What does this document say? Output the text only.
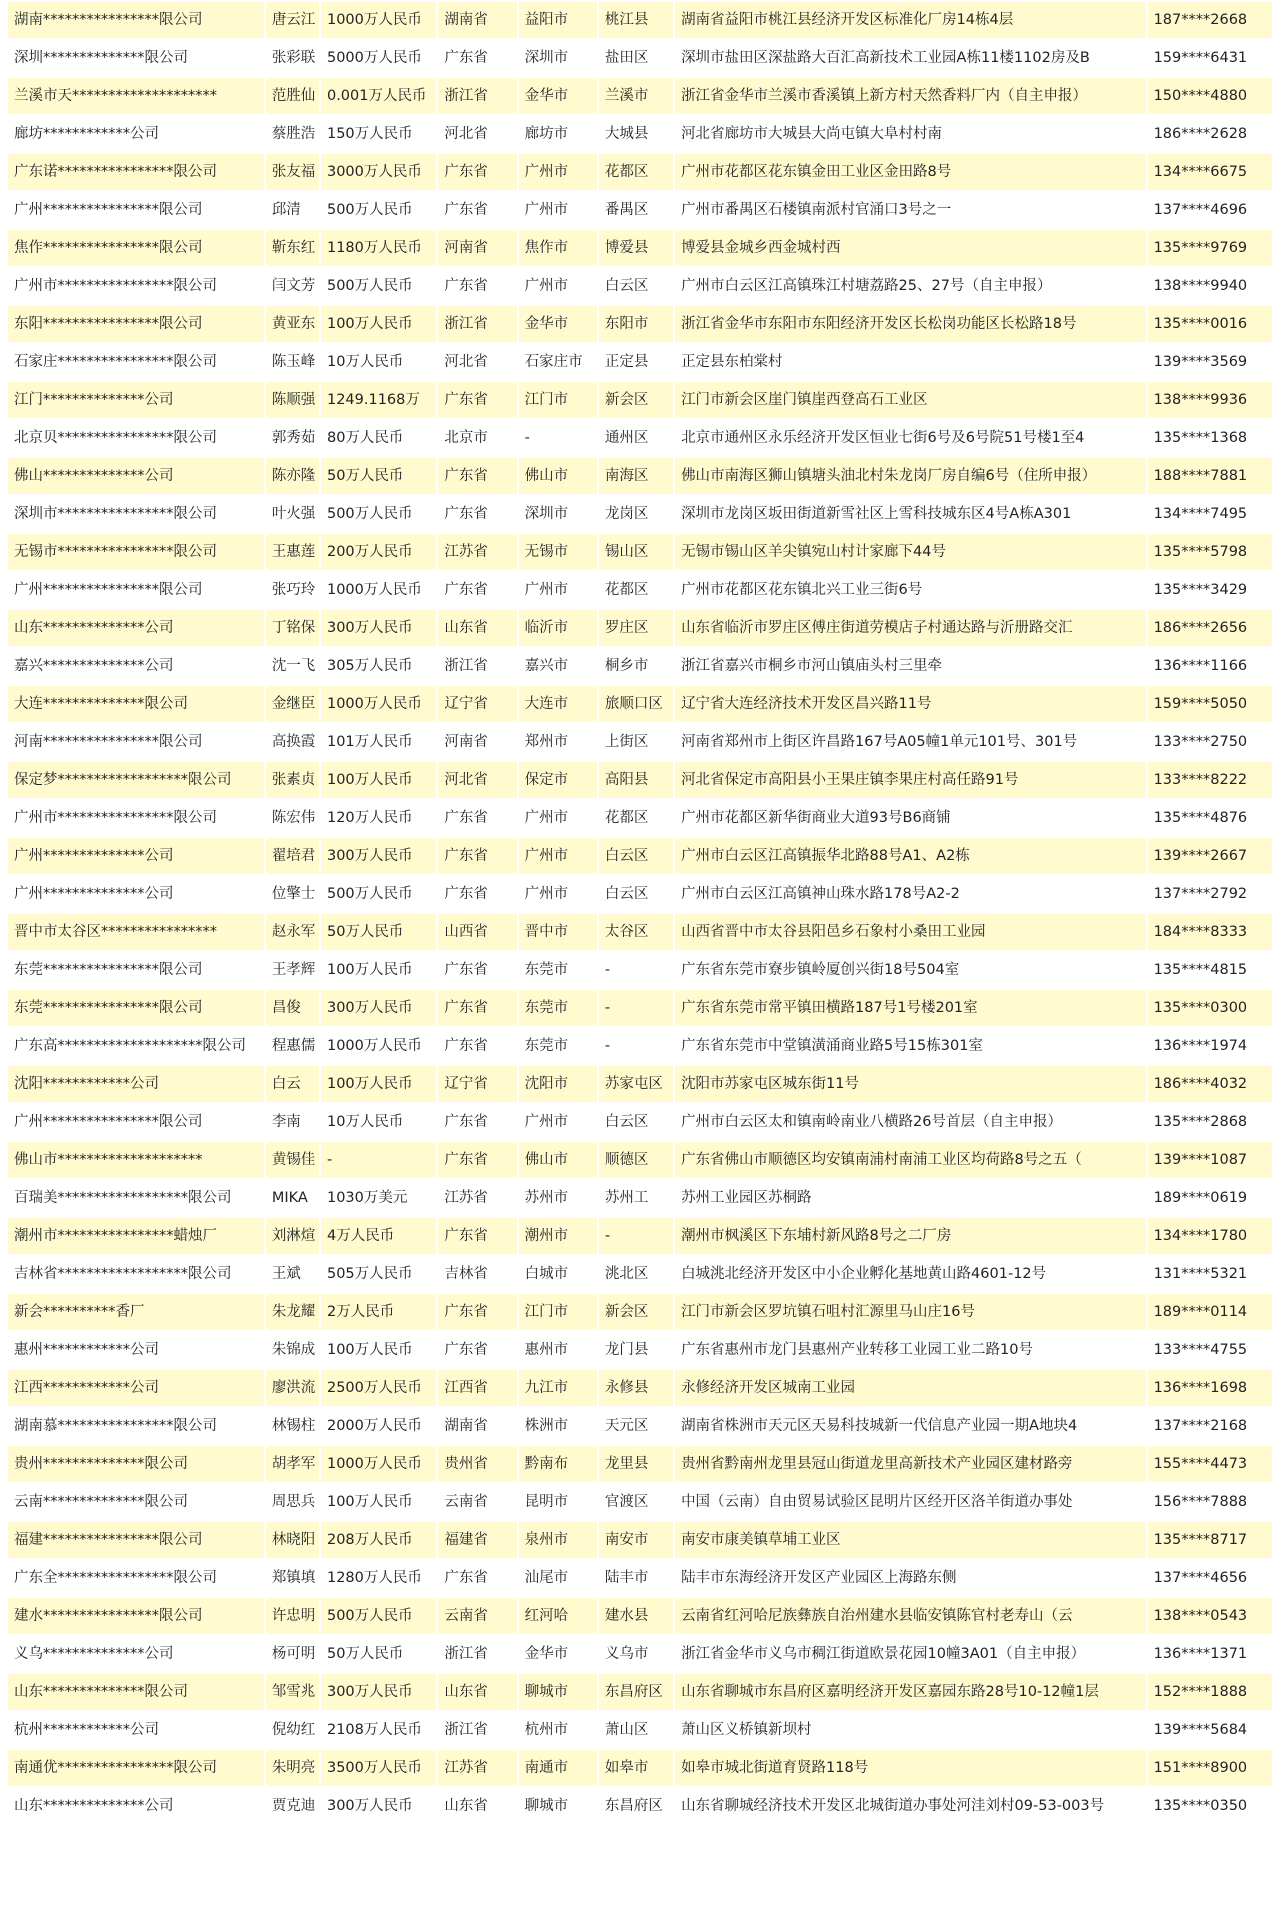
湖南****************限公司	唐云江	1000万人民币	湖南省	益阳市	桃江县	湖南省益阳市桃江县经济开发区标准化厂房14栋4层	187****2668
深圳**************限公司	张彩联	5000万人民币	广东省	深圳市	盐田区	深圳市盐田区深盐路大百汇高新技术工业园A栋11楼1102房及B	159****6431
兰溪市天********************	范胜仙	0.001万人民币	浙江省	金华市	兰溪市	浙江省金华市兰溪市香溪镇上新方村天然香料厂内（自主申报）	150****4880
廊坊************公司	蔡胜浩	150万人民币	河北省	廊坊市	大城县	河北省廊坊市大城县大尚屯镇大阜村村南	186****2628
广东诺****************限公司	张友福	3000万人民币	广东省	广州市	花都区	广州市花都区花东镇金田工业区金田路8号	134****6675
广州****************限公司	邱清	500万人民币	广东省	广州市	番禺区	广州市番禺区石楼镇南派村官涌口3号之一	137****4696
焦作****************限公司	靳东红	1180万人民币	河南省	焦作市	博爱县	博爱县金城乡西金城村西	135****9769
广州市****************限公司	闫文芳	500万人民币	广东省	广州市	白云区	广州市白云区江高镇珠江村塘荔路25、27号（自主申报）	138****9940
东阳****************限公司	黄亚东	100万人民币	浙江省	金华市	东阳市	浙江省金华市东阳市东阳经济开发区长松岗功能区长松路18号	135****0016
石家庄****************限公司	陈玉峰	10万人民币	河北省	石家庄市	正定县	正定县东柏棠村	139****3569
江门**************公司	陈顺强	1249.1168万	广东省	江门市	新会区	江门市新会区崖门镇崖西登高石工业区	138****9936
北京贝****************限公司	郭秀茹	80万人民币	北京市	-	通州区	北京市通州区永乐经济开发区恒业七街6号及6号院51号楼1至4	135****1368
佛山**************公司	陈亦隆	50万人民币	广东省	佛山市	南海区	佛山市南海区狮山镇塘头油北村朱龙岗厂房自编6号（住所申报）	188****7881
深圳市****************限公司	叶火强	500万人民币	广东省	深圳市	龙岗区	深圳市龙岗区坂田街道新雪社区上雪科技城东区4号A栋A301	134****7495
无锡市****************限公司	王惠莲	200万人民币	江苏省	无锡市	锡山区	无锡市锡山区羊尖镇宛山村计家廊下44号	135****5798
广州****************限公司	张巧玲	1000万人民币	广东省	广州市	花都区	广州市花都区花东镇北兴工业三街6号	135****3429
山东**************公司	丁铭保	300万人民币	山东省	临沂市	罗庄区	山东省临沂市罗庄区傅庄街道劳模店子村通达路与沂册路交汇	186****2656
嘉兴**************公司	沈一飞	305万人民币	浙江省	嘉兴市	桐乡市	浙江省嘉兴市桐乡市河山镇庙头村三里牵	136****1166
大连**************限公司	金继臣	1000万人民币	辽宁省	大连市	旅顺口区	辽宁省大连经济技术开发区昌兴路11号	159****5050
河南****************限公司	高换霞	101万人民币	河南省	郑州市	上街区	河南省郑州市上街区许昌路167号A05幢1单元101号、301号	133****2750
保定梦******************限公司	张素贞	100万人民币	河北省	保定市	高阳县	河北省保定市高阳县小王果庄镇李果庄村高任路91号	133****8222
广州市****************限公司	陈宏伟	120万人民币	广东省	广州市	花都区	广州市花都区新华街商业大道93号B6商铺	135****4876
广州**************公司	翟培君	300万人民币	广东省	广州市	白云区	广州市白云区江高镇振华北路88号A1、A2栋	139****2667
广州**************公司	位擎士	500万人民币	广东省	广州市	白云区	广州市白云区江高镇神山珠水路178号A2-2	137****2792
晋中市太谷区****************	赵永军	50万人民币	山西省	晋中市	太谷区	山西省晋中市太谷县阳邑乡石象村小桑田工业园	184****8333
东莞****************限公司	王孝辉	100万人民币	广东省	东莞市	-	广东省东莞市寮步镇岭厦创兴街18号504室	135****4815
东莞****************限公司	昌俊	300万人民币	广东省	东莞市	-	广东省东莞市常平镇田横路187号1号楼201室	135****0300
广东高********************限公司	程惠儒	1000万人民币	广东省	东莞市	-	广东省东莞市中堂镇潢涌商业路5号15栋301室	136****1974
沈阳************公司	白云	100万人民币	辽宁省	沈阳市	苏家屯区	沈阳市苏家屯区城东街11号	186****4032
广州****************限公司	李南	10万人民币	广东省	广州市	白云区	广州市白云区太和镇南岭南业八横路26号首层（自主申报）	135****2868
佛山市********************	黄锡佳	-	广东省	佛山市	顺德区	广东省佛山市顺德区均安镇南浦村南浦工业区均荷路8号之五（	139****1087
百瑞美******************限公司	MIKA	1030万美元	江苏省	苏州市	苏州工	苏州工业园区苏桐路	189****0619
潮州市****************蜡烛厂	刘淋煊	4万人民币	广东省	潮州市	-	潮州市枫溪区下东埔村新风路8号之二厂房	134****1780
吉林省******************限公司	王斌	505万人民币	吉林省	白城市	洮北区	白城洮北经济开发区中小企业孵化基地黄山路4601-12号	131****5321
新会**********香厂	朱龙耀	2万人民币	广东省	江门市	新会区	江门市新会区罗坑镇石咀村汇源里马山庄16号	189****0114
惠州************公司	朱锦成	100万人民币	广东省	惠州市	龙门县	广东省惠州市龙门县惠州产业转移工业园工业二路10号	133****4755
江西************公司	廖洪流	2500万人民币	江西省	九江市	永修县	永修经济开发区城南工业园	136****1698
湖南慕****************限公司	林锡柱	2000万人民币	湖南省	株洲市	天元区	湖南省株洲市天元区天易科技城新一代信息产业园一期A地块4	137****2168
贵州**************限公司	胡孝军	1000万人民币	贵州省	黔南布	龙里县	贵州省黔南州龙里县冠山街道龙里高新技术产业园区建材路旁	155****4473
云南**************限公司	周思兵	100万人民币	云南省	昆明市	官渡区	中国（云南）自由贸易试验区昆明片区经开区洛羊街道办事处	156****7888
福建****************限公司	林晓阳	208万人民币	福建省	泉州市	南安市	南安市康美镇草埔工业区	135****8717
广东全****************限公司	郑镇填	1280万人民币	广东省	汕尾市	陆丰市	陆丰市东海经济开发区产业园区上海路东侧	137****4656
建水****************限公司	许忠明	500万人民币	云南省	红河哈	建水县	云南省红河哈尼族彝族自治州建水县临安镇陈官村老寿山（云	138****0543
义乌**************公司	杨可明	50万人民币	浙江省	金华市	义乌市	浙江省金华市义乌市稠江街道欧景花园10幢3A01（自主申报）	136****1371
山东**************限公司	邹雪兆	300万人民币	山东省	聊城市	东昌府区	山东省聊城市东昌府区嘉明经济开发区嘉园东路28号10-12幢1层	152****1888
杭州************公司	倪幼红	2108万人民币	浙江省	杭州市	萧山区	萧山区义桥镇新坝村	139****5684
南通优****************限公司	朱明亮	3500万人民币	江苏省	南通市	如皋市	如皋市城北街道育贤路118号	151****8900
山东**************公司	贾克迪	300万人民币	山东省	聊城市	东昌府区	山东省聊城经济技术开发区北城街道办事处河洼刘村09-53-003号	135****0350
